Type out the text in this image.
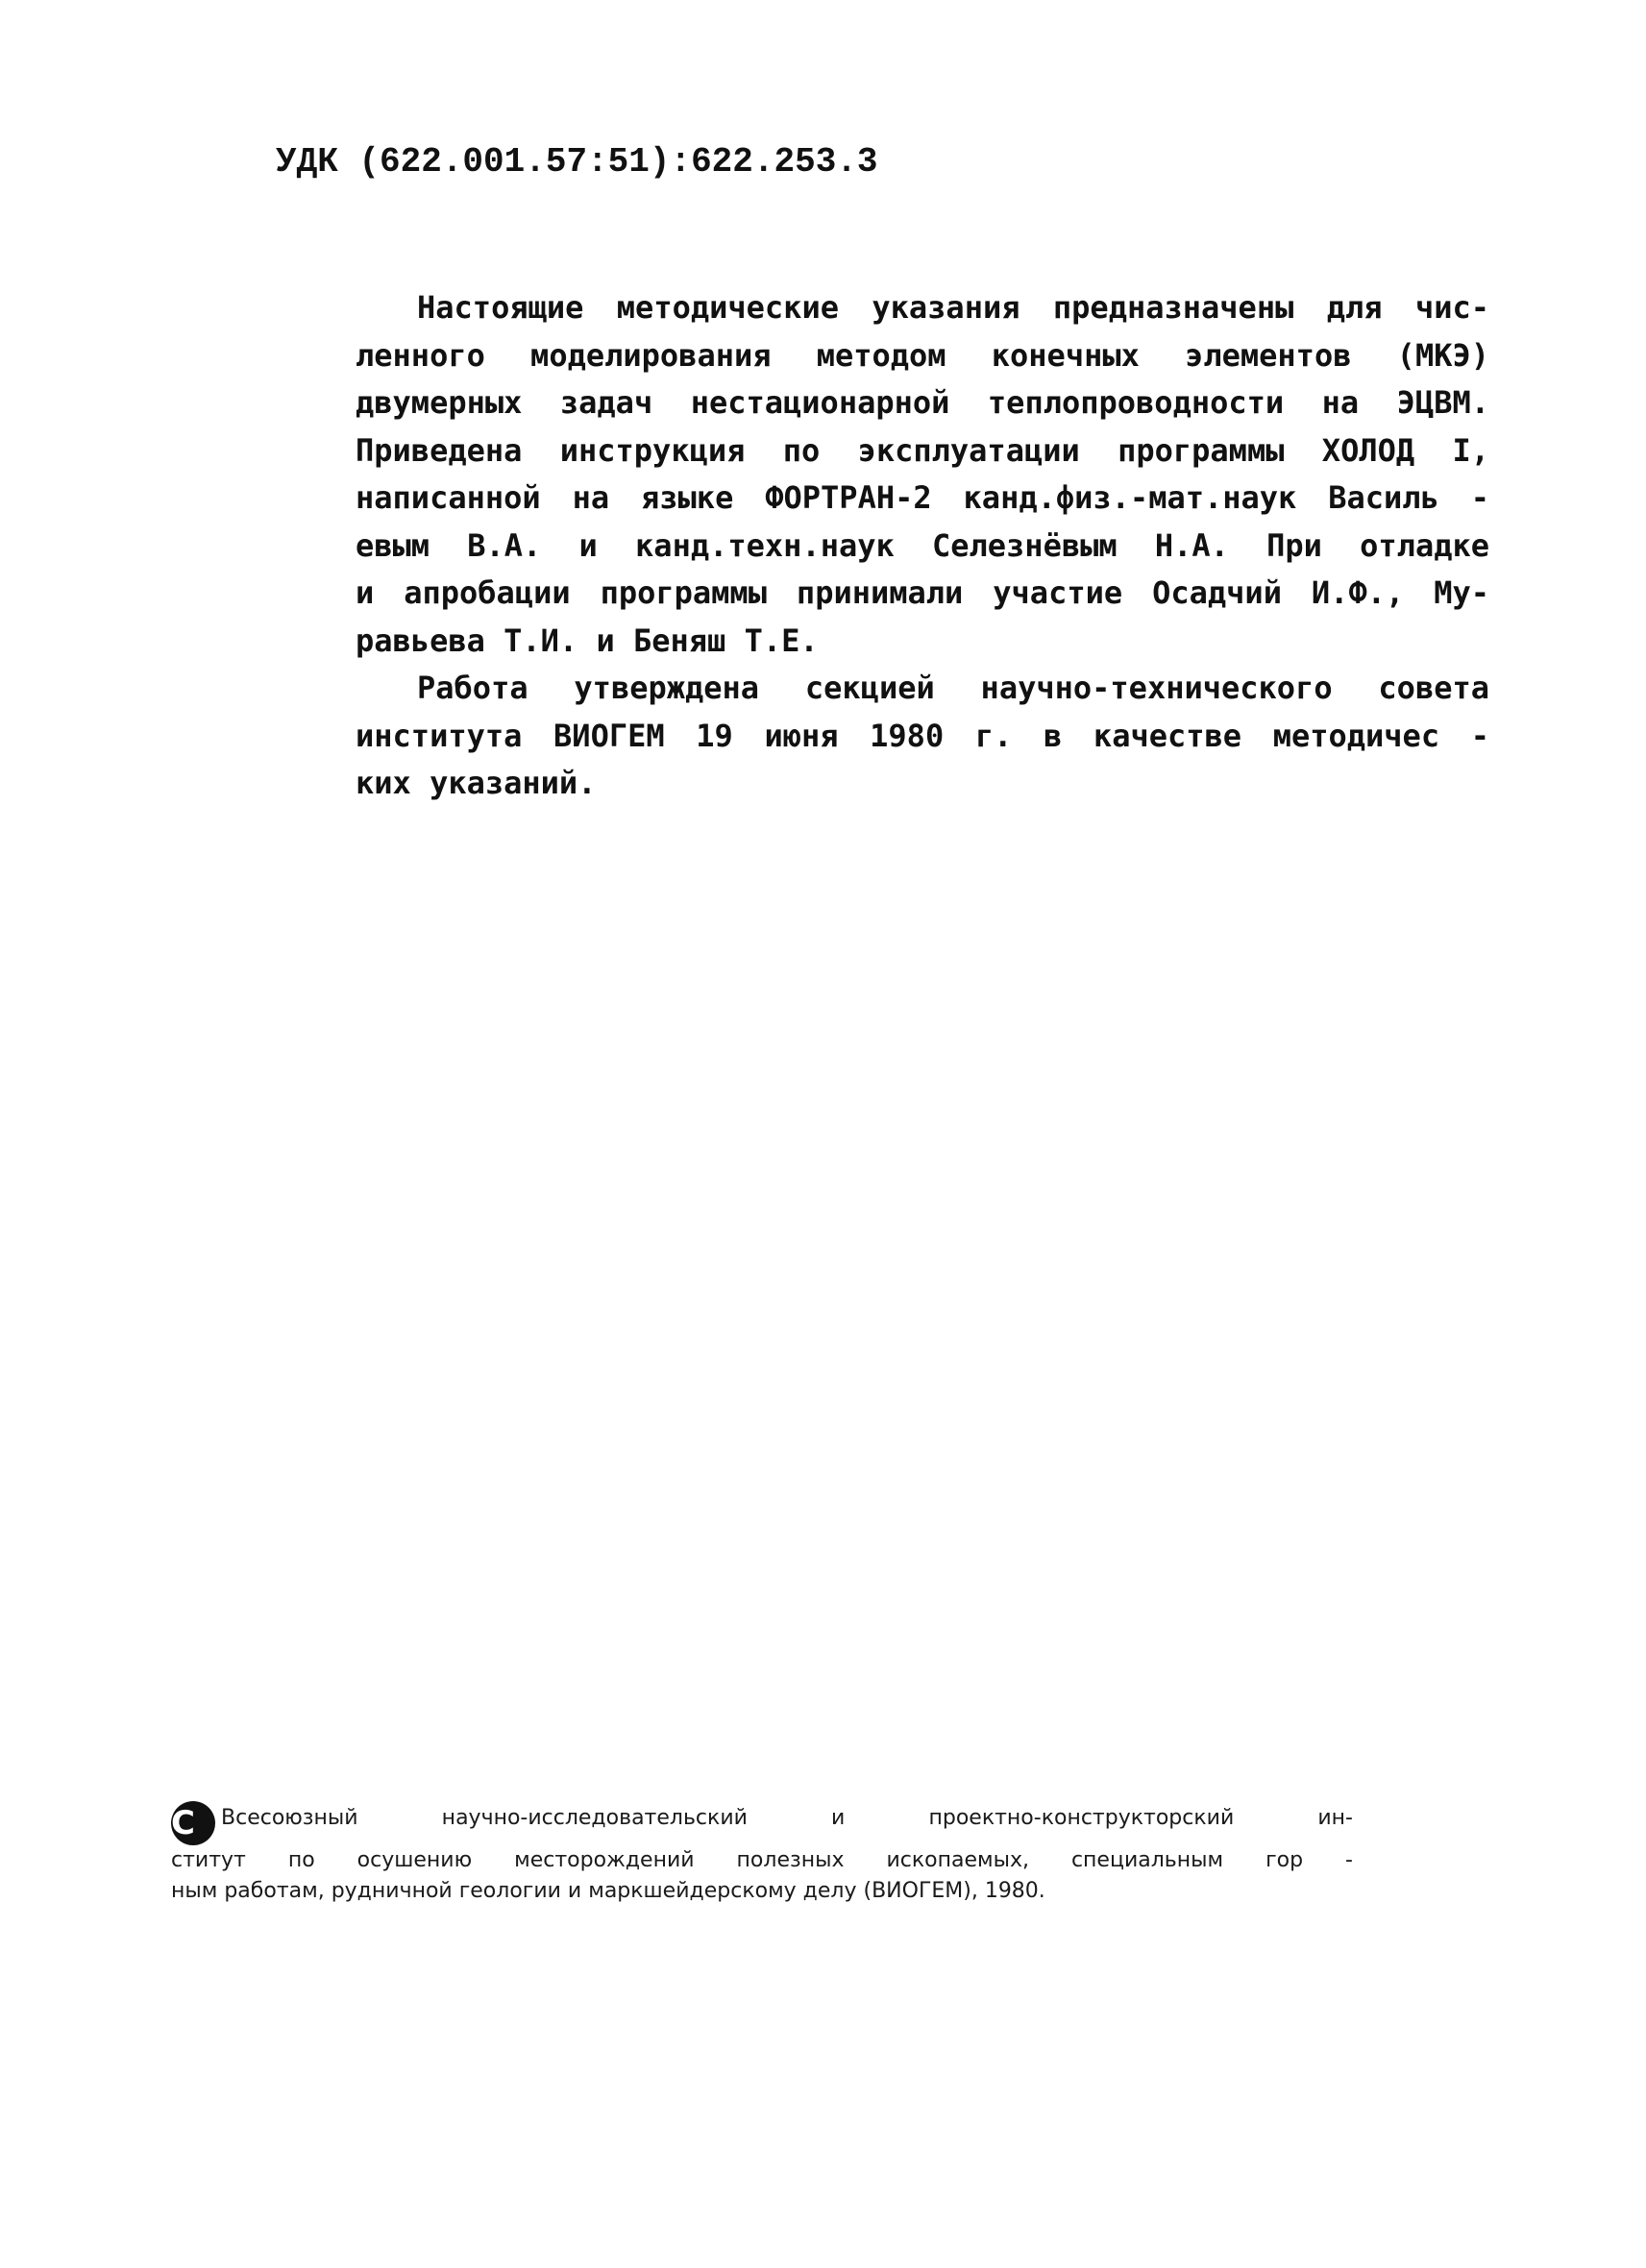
УДК (622.001.57:51):622.253.3
Настоящие методические указания предназначены для чис-
ленного моделирования методом конечных элементов (МКЭ)
двумерных задач нестационарной теплопроводности на ЭЦВМ.
Приведена инструкция по эксплуатации программы ХОЛОД I,
написанной на языке ФОРТРАН-2 канд.физ.-мат.наук Василь -
евым В.А. и канд.техн.наук Селезнёвым Н.А. При отладке
и апробации программы принимали участие Осадчий И.Ф., Му-
равьева Т.И. и Беняш Т.Е.
Работа утверждена секцией научно-технического совета
института ВИОГЕМ 19 июня 1980 г. в качестве методичес -
ких указаний.
C Всесоюзный научно-исследовательский и проектно-конструкторский ин-
ститут по осушению месторождений полезных ископаемых, специальным гор -
ным работам, рудничной геологии и маркшейдерскому делу (ВИОГЕМ), 1980.
